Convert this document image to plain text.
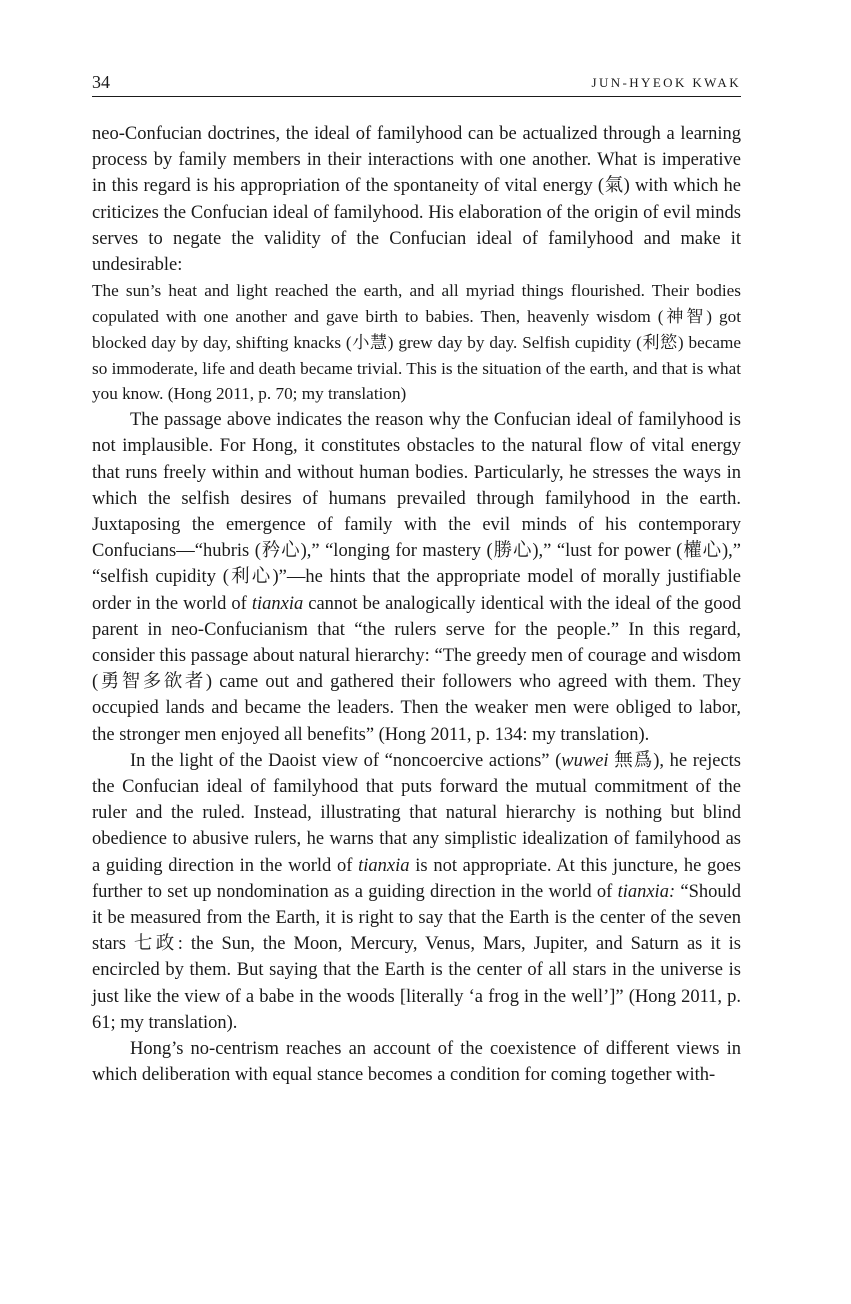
34	JUN-HYEOK KWAK

neo-Confucian doctrines, the ideal of familyhood can be actualized through a learning process by family members in their interactions with one another. What is imperative in this regard is his appropriation of the spontaneity of vital energy (氣) with which he criticizes the Confucian ideal of familyhood. His elaboration of the origin of evil minds serves to negate the validity of the Confucian ideal of familyhood and make it undesirable:

The sun’s heat and light reached the earth, and all myriad things flourished. Their bodies copulated with one another and gave birth to babies. Then, heavenly wisdom (神智) got blocked day by day, shifting knacks (小慧) grew day by day. Selfish cupidity (利慾) became so immoderate, life and death became trivial. This is the situation of the earth, and that is what you know. (Hong 2011, p. 70; my translation)

The passage above indicates the reason why the Confucian ideal of familyhood is not implausible. For Hong, it constitutes obstacles to the natural flow of vital energy that runs freely within and without human bodies. Particularly, he stresses the ways in which the selfish desires of humans prevailed through familyhood in the earth. Juxtaposing the emergence of family with the evil minds of his contemporary Confucians—“hubris (矜心),” “longing for mastery (勝心),” “lust for power (權心),” “selfish cupidity (利心)”—he hints that the appropriate model of morally justifiable order in the world of tianxia cannot be analogically identical with the ideal of the good parent in neo-Confucianism that “the rulers serve for the people.” In this regard, consider this passage about natural hierarchy: “The greedy men of courage and wisdom (勇智多欲者) came out and gathered their followers who agreed with them. They occupied lands and became the leaders. Then the weaker men were obliged to labor, the stronger men enjoyed all benefits” (Hong 2011, p. 134: my translation).

In the light of the Daoist view of “noncoercive actions” (wuwei 無爲), he rejects the Confucian ideal of familyhood that puts forward the mutual commitment of the ruler and the ruled. Instead, illustrating that natural hierarchy is nothing but blind obedience to abusive rulers, he warns that any simplistic idealization of familyhood as a guiding direction in the world of tianxia is not appropriate. At this juncture, he goes further to set up nondomination as a guiding direction in the world of tianxia: “Should it be measured from the Earth, it is right to say that the Earth is the center of the seven stars 七政: the Sun, the Moon, Mercury, Venus, Mars, Jupiter, and Saturn as it is encircled by them. But saying that the Earth is the center of all stars in the universe is just like the view of a babe in the woods [literally ‘a frog in the well’]” (Hong 2011, p. 61; my translation).

Hong’s no-centrism reaches an account of the coexistence of different views in which deliberation with equal stance becomes a condition for coming together with-
